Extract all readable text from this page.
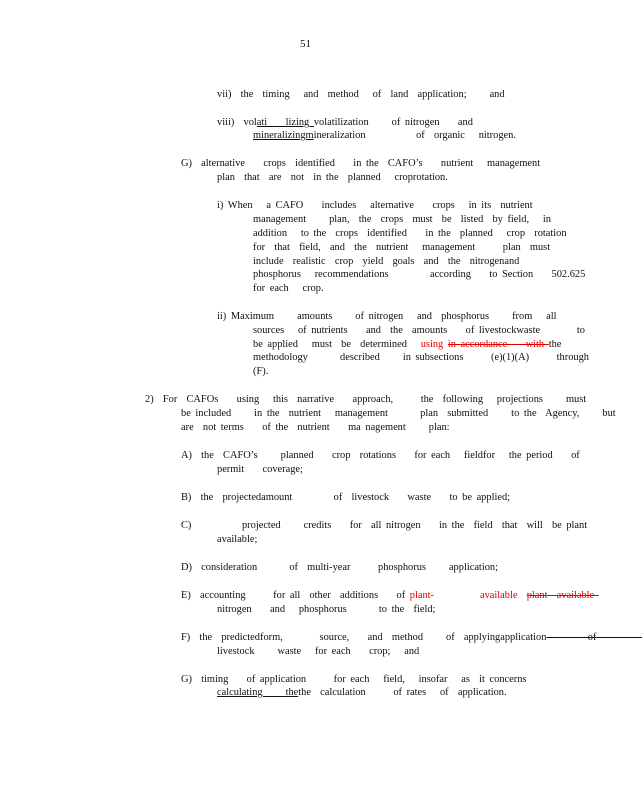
51
vii)  the  timing   and  method   of  land  application;     and
viii)  volati    lizing volatilization     of nitrogen    and
mineralizingmineralization           of  organic   nitrogen.
G)  alternative    crops  identified    in the  CAFO’s    nutrient   management
plan  that  are  not  in the  planned   croprotation.
i) When   a CAFO    includes   alternative    crops   in its  nutrient
management     plan,  the  crops  must  be  listed  by field,   in
addition   to the  crops  identified    in the  planned   crop  rotation
for  that  field,  and  the  nutrient   management      plan  must
include  realistic  crop  yield  goals  and  the  nitrogenand
phosphorus   recommendations         according    to Section    502.625
for each   crop.
ii) Maximum     amounts     of nitrogen   and  phosphorus     from   all
sources   of nutrients    and  the  amounts    of livestockwaste        to
be applied   must  be  determined   using in accordance    with the
methodology       described     in subsections      (e)(1)(A)      through
(F).
2)  For  CAFOs    using   this  narrative    approach,      the  following   projections     must
be included     in the  nutrient   management       plan  submitted     to the  Agency,     but
are  not terms    of the  nutrient    ma nagement     plan:
A)  the  CAFO’s     planned    crop  rotations    for each   fieldfor   the period    of
permit    coverage;
B)  the  projectedamount         of  livestock    waste    to be applied;
C)           projected     credits    for  all nitrogen    in the  field  that  will  be plant
available;
D)  consideration       of  multi-year      phosphorus     application;
E)  accounting      for all  other  additions    of plant-          available  plant  available
nitrogen    and   phosphorus       to the  field;
F)  the  predictedform,        source,    and  method     of  applyingapplication         of
livestock     waste   for each    crop;   and
G)  timing    of application      for each   field,   insofar   as  it concerns
calculating     thethe  calculation      of rates   of  application.
